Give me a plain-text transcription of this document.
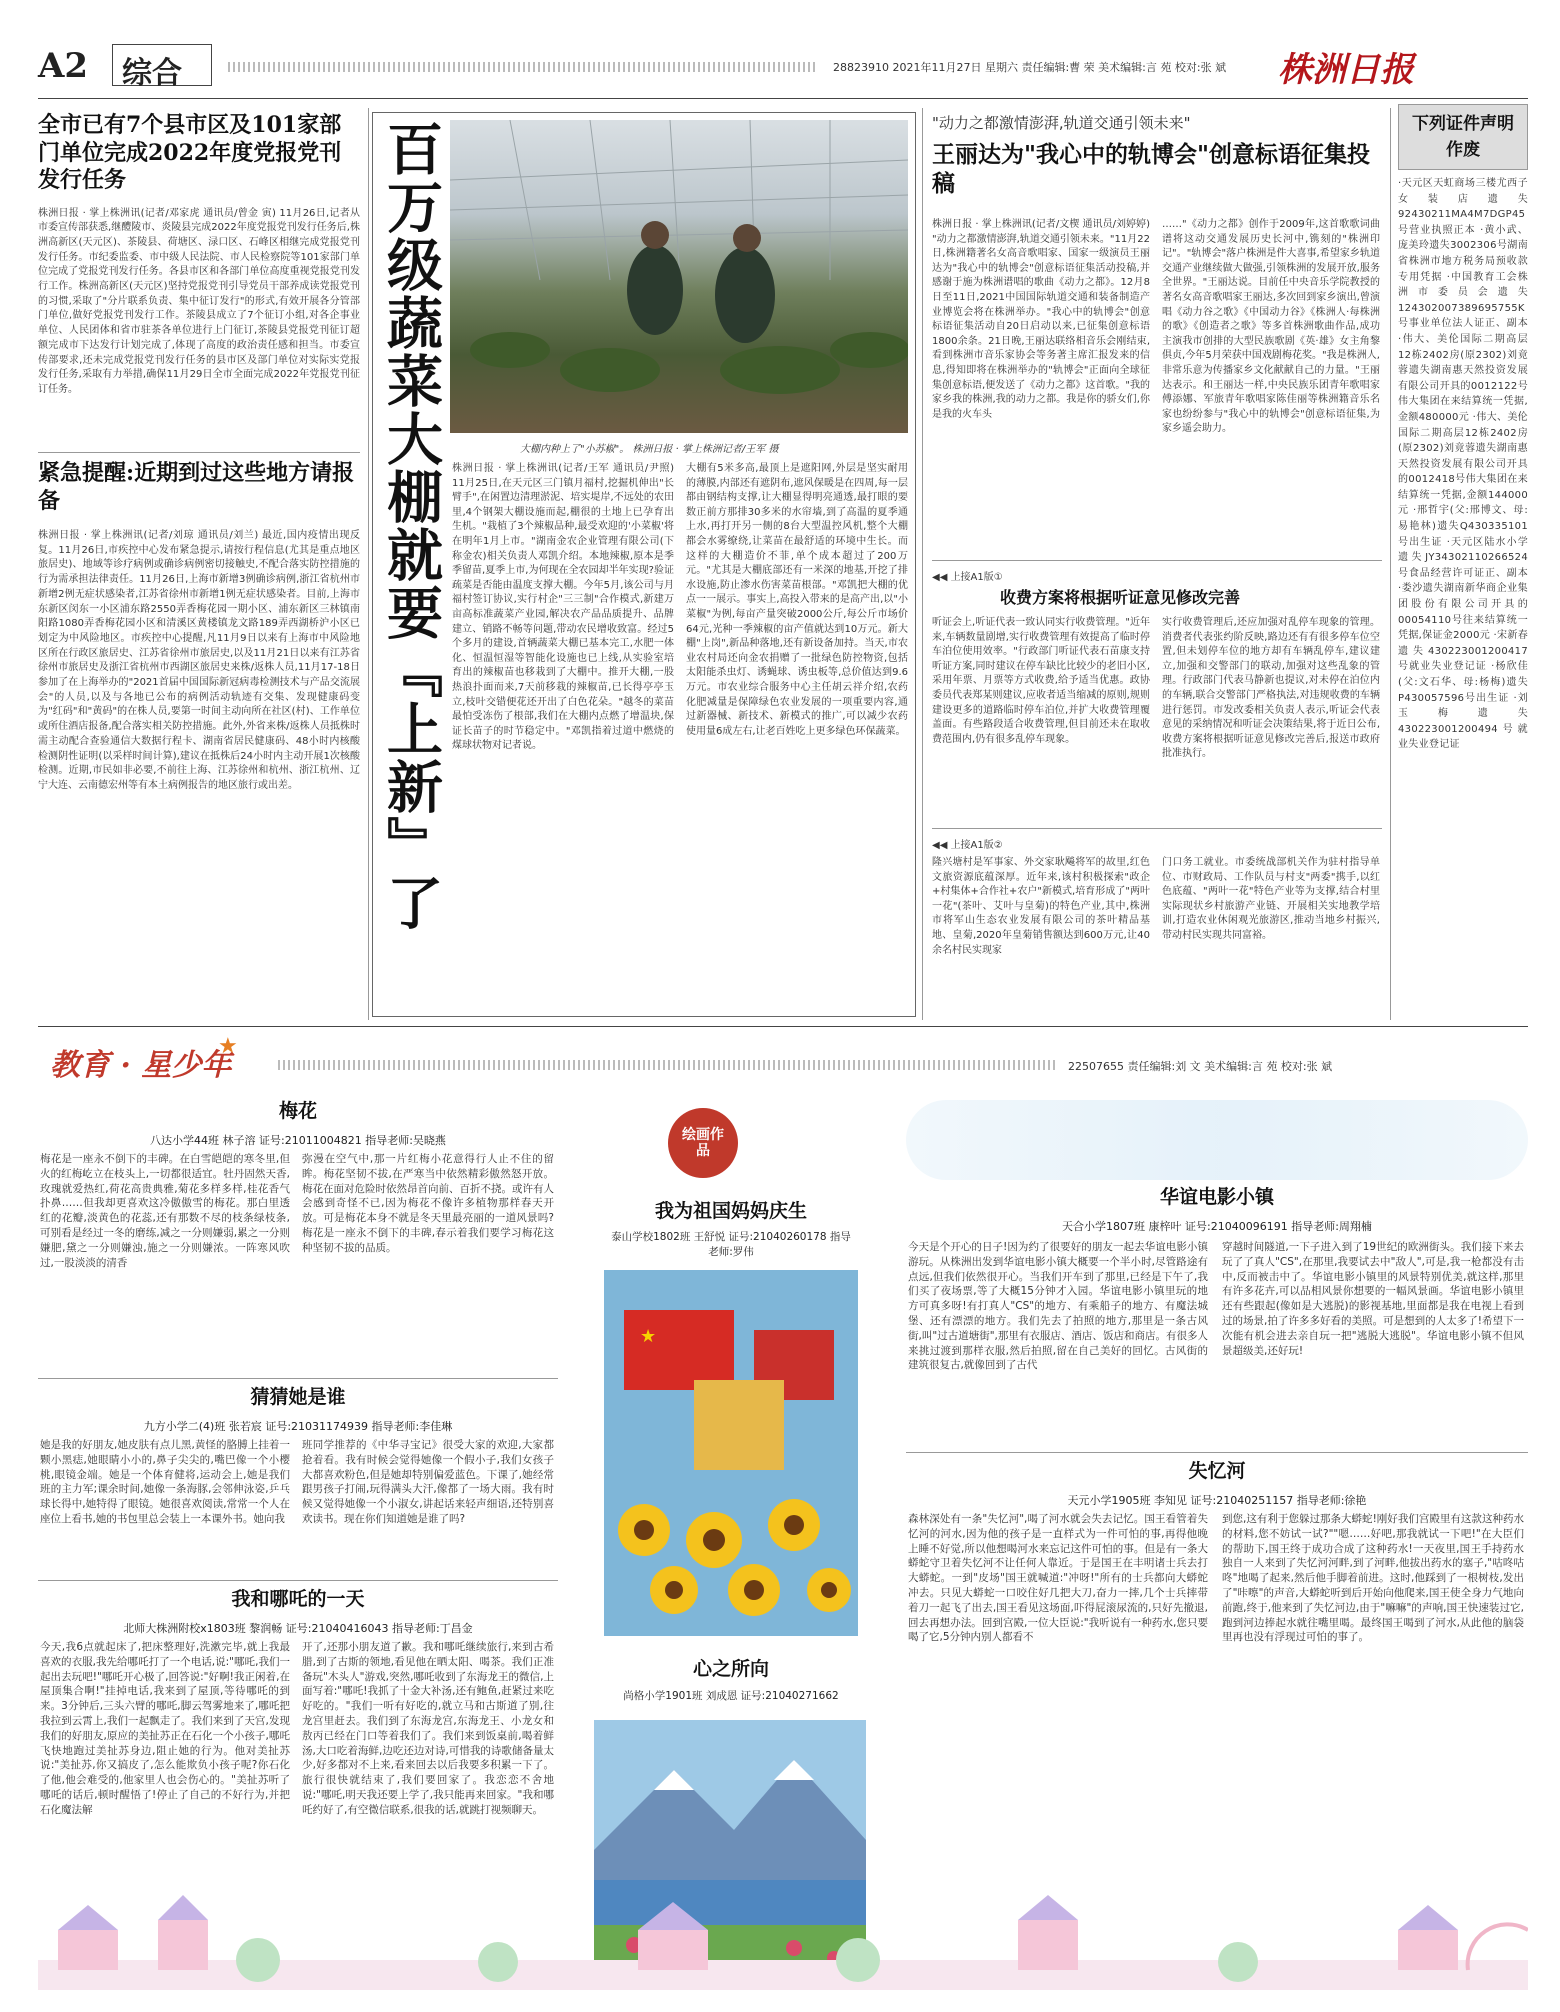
A2 综合	28823910 2021年11月27日 星期六 责任编辑:曹 荣 美术编辑:言 苑 校对:张 斌 株洲日报
全市已有7个县市区及101家部门单位完成2022年度党报党刊发行任务
株洲日报 · 掌上株洲讯(记者/邓家虎 通讯员/曾金 寅) 11月26日,记者从市委宣传部获悉,继醴陵市、炎陵县完成2022年度党报党刊发行任务后,株洲高新区(天元区)、茶陵县、荷塘区、渌口区、石峰区相继完成党报党刊发行任务。市纪委监委、市中级人民法院、市人民检察院等101家部门单位完成了党报党刊发行任务。各县市区和各部门单位高度重视党报党刊发行工作。株洲高新区(天元区)坚持党报党刊引导党员干部养成读党报党刊的习惯,采取了"分片联系负责、集中征订发行"的形式,有效开展各分管部门单位,做好党报党刊发行工作。茶陵县成立了7个征订小组,对各企事业单位、人民团体和省市驻茶各单位进行上门征订,茶陵县党报党刊征订超额完成市下达发行计划完成了,体现了高度的政治责任感和担当。市委宣传部要求,还未完成党报党刊发行任务的县市区及部门单位对实际实党报发行任务,采取有力举措,确保11月29日全市全面完成2022年党报党刊征订任务。
紧急提醒:近期到过这些地方请报备
株洲日报 · 掌上株洲讯(记者/刘琼 通讯员/刘兰) 最近,国内疫情出现反复。11月26日,市疾控中心发布紧急提示,请按行程信息(尤其是重点地区旅居史)、地域等诊疗病例或确诊病例密切接触史,不配合落实防控措施的行为需承担法律责任。11月26日,上海市新增3例确诊病例,浙江省杭州市新增2例无症状感染者,江苏省徐州市新增1例无症状感染者。目前,上海市东新区闵东一小区浦东路2550弄香梅花园一期小区、浦东新区三林镇南阳路1080弄香梅花园小区和清溪区黄楼镇龙文路189弄西湖桥沪小区已划定为中风险地区。市疾控中心提醒,凡11月9日以来有上海市中风险地区所在行政区旅居史、江苏省徐州市旅居史,以及11月21日以来有江苏省徐州市旅居史及浙江省杭州市西湖区旅居史来株/返株人员,11月17-18日参加了在上海举办的"2021首届中国国际新冠病毒检测技术与产品交流展会"的人员,以及与各地已公布的病例活动轨迹有交集、发现健康码变为"红码"和"黄码"的在株人员,要第一时间主动向所在社区(村)、工作单位或所住酒店报备,配合落实相关防控措施。此外,外省来株/返株人员抵株时需主动配合查验通信大数据行程卡、湖南省居民健康码、48小时内核酸检测阴性证明(以采样时间计算),建议在抵株后24小时内主动开展1次核酸检测。近期,市民如非必要,不前往上海、江苏徐州和杭州、浙江杭州、辽宁大连、云南德宏州等有本土病例报告的地区旅行或出差。	百万级蔬菜大棚就要『上新』了	大棚内种上了"小苏椒"。 株洲日报 · 掌上株洲记者/王军 摄
株洲日报 · 掌上株洲讯(记者/王军 通讯员/尹照) 11月25日,在天元区三门镇月福村,挖掘机伸出"长臂手",在闲置边清理淤泥、培实堤岸,不远处的农田里,4个钢架大棚设施而起,棚很的土地上已孕育出生机。"栽植了3个辣椒品种,最受欢迎的'小菜椒'将在明年1月上市。"湖南金农企业管理有限公司(下称金农)相关负责人邓凯介绍。本地辣椒,原本是季季留苗,夏季上市,为何现在全农园却半年实现?验证疏菜是否能由温度支撑大棚。今年5月,该公司与月福村签订协议,实行村企"三三制"合作模式,新建万亩高标准蔬菜产业园,解决农产品品质提升、品牌建立、销路不畅等问题,带动农民增收致富。经过5个多月的建设,首辆蔬菜大棚已基本完工,水肥一体化、恒温恒湿等智能化设施也已上线,从实验室培育出的辣椒苗也移栽到了大棚中。推开大棚,一股热浪扑面而来,7天前移栽的辣椒苗,已长得亭亭玉立,枝叶交错便花还开出了白色花朵。"越冬的菜苗最怕受冻伤了根部,我们在大棚内点燃了增温块,保证长苗子的时节稳定中。"邓凯指着过道中燃烧的煤球状物对记者说。
大棚有5米多高,最顶上是遮阳网,外层是坚实耐用的薄膜,内部还有遮阴布,遮风保暖是在四周,每一层都由钢结构支撑,让大棚显得明亮通透,最打眼的要数正前方那排30多米的水帘墙,到了高温的夏季通上水,再打开另一侧的8台大型温控风机,整个大棚都会水雾缭绕,让菜苗在最舒适的环境中生长。而这样的大棚造价不菲,单个成本超过了200万元。"尤其是大棚底部还有一米深的地基,开挖了排水设施,防止渗水伤害菜苗根部。"邓凯把大棚的优点一一展示。事实上,高投入带来的是高产出,以"小菜椒"为例,每亩产量突破2000公斤,每公斤市场价64元,光种一季辣椒的亩产值就达到10万元。新大棚"上岗",新品种落地,还有新设备加持。当天,市农业农村局还向金农捐赠了一批绿色防控物资,包括太阳能杀虫灯、诱蝇球、诱虫板等,总价值达到9.6万元。市农业综合服务中心主任胡云祥介绍,农药化肥减量是保障绿色农业发展的一项重要内容,通过新器械、新技术、新模式的推广,可以减少农药使用量6成左右,让老百姓吃上更多绿色环保蔬菜。
"动力之都激情澎湃,轨道交通引领未来"
王丽达为"我心中的轨博会"创意标语征集投稿
株洲日报 · 掌上株洲讯(记者/文楔 通讯员/刘婷婷) "动力之都激情澎湃,轨道交通引领未来。"11月22日,株洲籍著名女高音歌唱家、国家一级演员王丽达为"我心中的轨博会"创意标语征集活动投稿,并感谢于施为株洲谱唱的歌曲《动力之都》。12月8日至11日,2021中国国际轨道交通和装备制造产业博览会将在株洲举办。"我心中的轨博会"创意标语征集活动自20日启动以来,已征集创意标语1800余条。21日晚,王丽达联络相音乐会刚结束,看到株洲市音乐家协会等务著主席汇报发来的信息,得知即将在株洲举办的"轨博会"正面向全球征集创意标语,便发送了《动力之都》这首歌。"我的家乡我的株洲,我的动力之都。我是你的骄女们,你是我的火车头
……"《动力之都》创作于2009年,这首歌歌词曲谱将这动交通发展历史长河中,镌刻的"株洲印记"。"轨博会"落户株洲是件大喜事,希望家乡轨道交通产业继续做大做强,引领株洲的发展开放,服务全世界。"王丽达说。目前任中央音乐学院教授的著名女高音歌唱家王丽达,多次回到家乡演出,曾演唱《动力谷之歌》《中国动力谷》《株洲人·每株洲的歌》《创造者之歌》等多首株洲歌曲作品,成功主演我市创排的大型民族歌剧《英·雄》女主角黎俱贞,今年5月荣获中国戏剧梅花奖。"我是株洲人,非常乐意为传播家乡文化献献自己的力量。"王丽达表示。和王丽达一样,中央民族乐团青年歌唱家傅添娜、军旅青年歌唱家陈佳丽等株洲籍音乐名家也纷纷参与"我心中的轨博会"创意标语征集,为家乡遥会助力。
◀◀ 上接A1版①
收费方案将根据听证意见修改完善
听证会上,听证代表一致认同实行收费管理。"近年来,车辆数量剧增,实行收费管理有效提高了临时停车泊位使用效率。"行政部门听证代表石苗康支持听证方案,同时建议在停车缺比比较少的老旧小区,采用年票、月票等方式收费,给予适当优惠。政协委员代表郑某则建议,应收者适当缩减的原则,规则建设更多的道路临时停车泊位,并扩大收费管理覆盖面。有些路段适合收费管理,但目前还未在取收费范围内,仍有很多乱停车现象。
实行收费管理后,还应加强对乱停车现象的管理。消费者代表张约阶反映,路边还有有很多停车位空置,但未划停车位的地方却有车辆乱停车,建议建立,加强和交警部门的联动,加强对这些乱象的管理。行政部门代表马静新也提议,对未停在泊位内的车辆,联合交警部门严格执法,对违规收费的车辆进行惩罚。市发改委相关负责人表示,听证会代表意见的采纳情况和听证会决策结果,将于近日公布,收费方案将根据听证意见修改完善后,报送市政府批准执行。
◀◀ 上接A1版②
隆兴塘村是军事家、外交家耿飚将军的故里,红色文旅资源底蕴深厚。近年来,该村积极探索"政企+村集体+合作社+农户"新模式,培育形成了"两叶一花"(茶叶、艾叶与皇菊)的特色产业,其中,株洲市将军山生态农业发展有限公司的茶叶精品基地、皇菊,2020年皇菊销售额达到600万元,让40余名村民实现家
门口务工就业。市委统战部机关作为驻村指导单位、市财政局、工作队员与村支"两委"携手,以红色底蕴、"两叶一花"特色产业等为支撑,结合村里实际现状乡村旅游产业链、开展相关实地教学培训,打造农业休闲观光旅游区,推动当地乡村振兴,带动村民实现共同富裕。
下列证件声明作废
·天元区天虹商场三楼尤西子女装店遗失92430211MA4M7DGP45号营业执照正本 ·黄小武、庞美玲遗失3002306号湖南省株洲市地方税务局预收款专用凭据 ·中国教育工会株洲市委员会遗失124302007389695755K号事业单位法人证正、副本 ·伟大、美伦国际二期高层12栋2402房(原2302)刘竟蓉遗失湖南惠天然投资发展有限公司开具的0012122号伟大集团在来结算统一凭据,金额480000元 ·伟大、美伦国际二期高层12栋2402房(原2302)刘竟蓉遗失湖南惠天然投资发展有限公司开具的0012418号伟大集团在来结算统一凭据,金额144000元 ·邢哲宇(父:邢博文、母:易艳林)遗失Q430335101号出生证 ·天元区陆水小学遗失JY34302110266524号食品经营许可证正、副本 ·娄沙遗失湖南新华商企业集团股份有限公司开具的00054110号往来结算统一凭据,保证金2000元 ·宋新春遗失430223001200417号就业失业登记证 ·杨欣佳(父:文石华、母:杨梅)遗失P430057596号出生证 ·刘玉梅遗失430223001200494号就业失业登记证
教育 · 星少年
★
22507655 责任编辑:刘 文 美术编辑:言 苑 校对:张 斌
梅花
八达小学44班 林子溶 证号:21011004821 指导老师:吴晓燕
梅花是一座永不倒下的丰碑。在白雪皑皑的寒冬里,但火的红梅屹立在枝头上,一切都很适宜。牡丹固然天香,玫瑰就爱热红,荷花高贵典雅,菊花多样多样,桂花香气扑鼻……但我却更喜欢这冷傲傲雪的梅花。那白里透红的花瓣,淡黄色的花蕊,还有那数不尽的枝条绿枝条,可别看是经过一冬的磨练,减之一分则嫌弱,累之一分则嫌肥,黛之一分则嫌浊,施之一分则嫌浓。一阵寒风吹过,一股淡淡的清香
弥漫在空气中,那一片红梅小花意得行人止不住的留眸。梅花坚韧不拔,在严寒当中依然精彩傲然怒开放。梅花在面对危险时依然昂首向前、百折不挠。或许有人会感到奇怪不已,因为梅花不像许多植物那样春天开放。可是梅花本身不就是冬天里最亮丽的一道风景吗?梅花是一座永不倒下的丰碑,春示着我们要学习梅花这种坚韧不拔的品质。
猜猜她是谁
九方小学二(4)班 张若宸 证号:21031174939 指导老师:李佳琳
她是我的好朋友,她皮肤有点儿黑,黄怪的胳膊上挂着一颗小黑痣,她眼睛小小的,鼻子尖尖的,嘴巴像一个小樱桃,眼镜金端。她是一个体育健将,运动会上,她是我们班的主力军;课余时间,她像一条海豚,会邻伸泳姿,乒乓球长得中,她特得了眼镜。她很喜欢阅读,常常一个人在座位上看书,她的书包里总会装上一本课外书。她向我
班同学推荐的《中华寻宝记》很受大家的欢迎,大家都抢着看。我有时候会觉得她像一个假小子,我们女孩子大都喜欢粉色,但是她却特别偏爱蓝色。下课了,她经常跟男孩子打闹,玩得满头大汗,像都了一场大雨。我有时候又觉得她像一个小淑女,讲起话来轻声细语,还特别喜欢读书。现在你们知道她是谁了吗?
我和哪吒的一天
北师大株洲附校x1803班 黎润畅 证号:21040416043 指导老师:丁昌金
今天,我6点就起床了,把床整理好,洗漱完毕,就上我最喜欢的衣服,我先给哪吒打了一个电话,说:"哪吒,我们一起出去玩吧!"哪吒开心极了,回答说:"好啊!我正闲着,在屋顶集合啊!"挂掉电话,我来到了屋顶,等待哪吒的到来。3分钟后,三头六臂的哪吒,脚云驾雾地来了,哪吒把我拉到云霄上,我们一起飘走了。我们来到了天宫,发现我们的好朋友,原应的美扯苏正在石化一个小孩子,哪吒飞快地跑过美扯苏身边,阻止她的行为。他对美扯苏说:"美扯苏,你又搞皮了,怎么能欺负小孩子呢?你石化了他,他会难受的,他家里人也会伤心的。"美扯苏听了哪吒的话后,顿时醒悟了!停止了自己的不好行为,并把石化魔法解
开了,还那小朋友道了歉。我和哪吒继续旅行,来到古希腊,到了古斯的领地,看见他在晒太阳、喝茶。我们正准备玩"木头人"游戏,突然,哪吒收到了东海龙王的微信,上面写着:"哪吒!我抓了十金大补汤,还有鲍鱼,赶紧过来吃好吃的。"我们一听有好吃的,就立马和古斯道了别,往龙宫里赶去。我们到了东海龙宫,东海龙王、小龙女和敖丙已经在门口等着我们了。我们来到饭桌前,喝着鲜汤,大口吃着海鲜,边吃还边对诗,可惜我的诗歌储备量太少,好多都对不上来,看来回去以后我要多积累一下了。旅行很快就结束了,我们要回家了。我恋恋不舍地说:"哪吒,明天我还要上学了,我只能再来回家。"我和哪吒约好了,有空微信联系,很我的话,就跳打视频聊天。
绘画作品
我为祖国妈妈庆生
泰山学校1802班 王舒悦 证号:21040260178 指导老师:罗伟
★
心之所向
尚格小学1901班 刘成恩 证号:21040271662
华谊电影小镇
天合小学1807班 康梓叶 证号:21040096191 指导老师:周翔楠
今天是个开心的日子!因为约了很要好的朋友一起去华谊电影小镇游玩。从株洲出发到华谊电影小镇大概要一个半小时,尽管路途有点远,但我们依然很开心。当我们开车到了那里,已经是下午了,我们买了夜场票,等了大概15分钟才入园。华谊电影小镇里玩的地方可真多呀!有打真人"CS"的地方、有乘船子的地方、有魔法城堡、还有漂漂的地方。我们先去了拍照的地方,那里是一条古风街,叫"过古道塘街",那里有衣服店、酒店、饭店和商店。有很多人来挑过渡到那样衣服,然后拍照,留在自己美好的回忆。古风街的建筑很复古,就像回到了古代
穿越时间隧道,一下子进入到了19世纪的欧洲街头。我们接下来去玩了了真人"CS",在那里,我要试去中"敌人",可是,我一枪都没有击中,反而被击中了。华谊电影小镇里的风景特别优美,就这样,那里有许多花卉,可以品相风景你想要的一幅风景画。华谊电影小镇里还有些跟起(像如是大逃脱)的影视基地,里面都是我在电视上看到过的场景,拍了许多多好看的美照。可是想到的人太多了!希望下一次能有机会进去亲自玩一把"逃脱大逃脱"。华谊电影小镇不但风景超级美,还好玩!
失忆河
天元小学1905班 李知见 证号:21040251157 指导老师:徐艳
森林深处有一条"失忆河",喝了河水就会失去记忆。国王看管着失忆河的河水,因为他的孩子是一直样式为一件可怕的事,再得他晚上睡不好觉,所以他想喝河水来忘记这件可怕的事。但是有一条大蟒蛇守卫着失忆河不让任何人靠近。于是国王在丰明诸士兵去打大蟒蛇。一到"皮场"国王就喊道:"冲呀!"所有的士兵都向大蟒蛇冲去。只见大蟒蛇一口咬住好几把大刀,奋力一摔,几个士兵摔带着刀一起飞了出去,国王看见这场面,吓得屁滚尿流的,只好先撤退,回去再想办法。回到宫殿,一位大臣说:"我听说有一种药水,您只要喝了它,5分钟内别人都看不
到您,这有利于您躲过那条大蟒蛇!刚好我们宫殿里有这款这种药水的材料,您不妨试一试?""嗯……好吧,那我就试一下吧!"在大臣们的帮助下,国王终于成功合成了这种药水!一天夜里,国王手持药水独自一人来到了失忆河河畔,到了河畔,他拔出药水的塞子,"咕咚咕咚"地喝了起来,然后他手脚着前进。这时,他踩到了一根树枝,发出了"咔嚓"的声音,大蟒蛇听到后开始向他爬来,国王使全身力气地向前跑,终于,他来到了失忆河边,由于"嘛嘛"的声响,国王快速装过它,跑到河边捧起水就往嘴里喝。最终国王喝到了河水,从此他的脑袋里再也没有浮现过可怕的事了。
